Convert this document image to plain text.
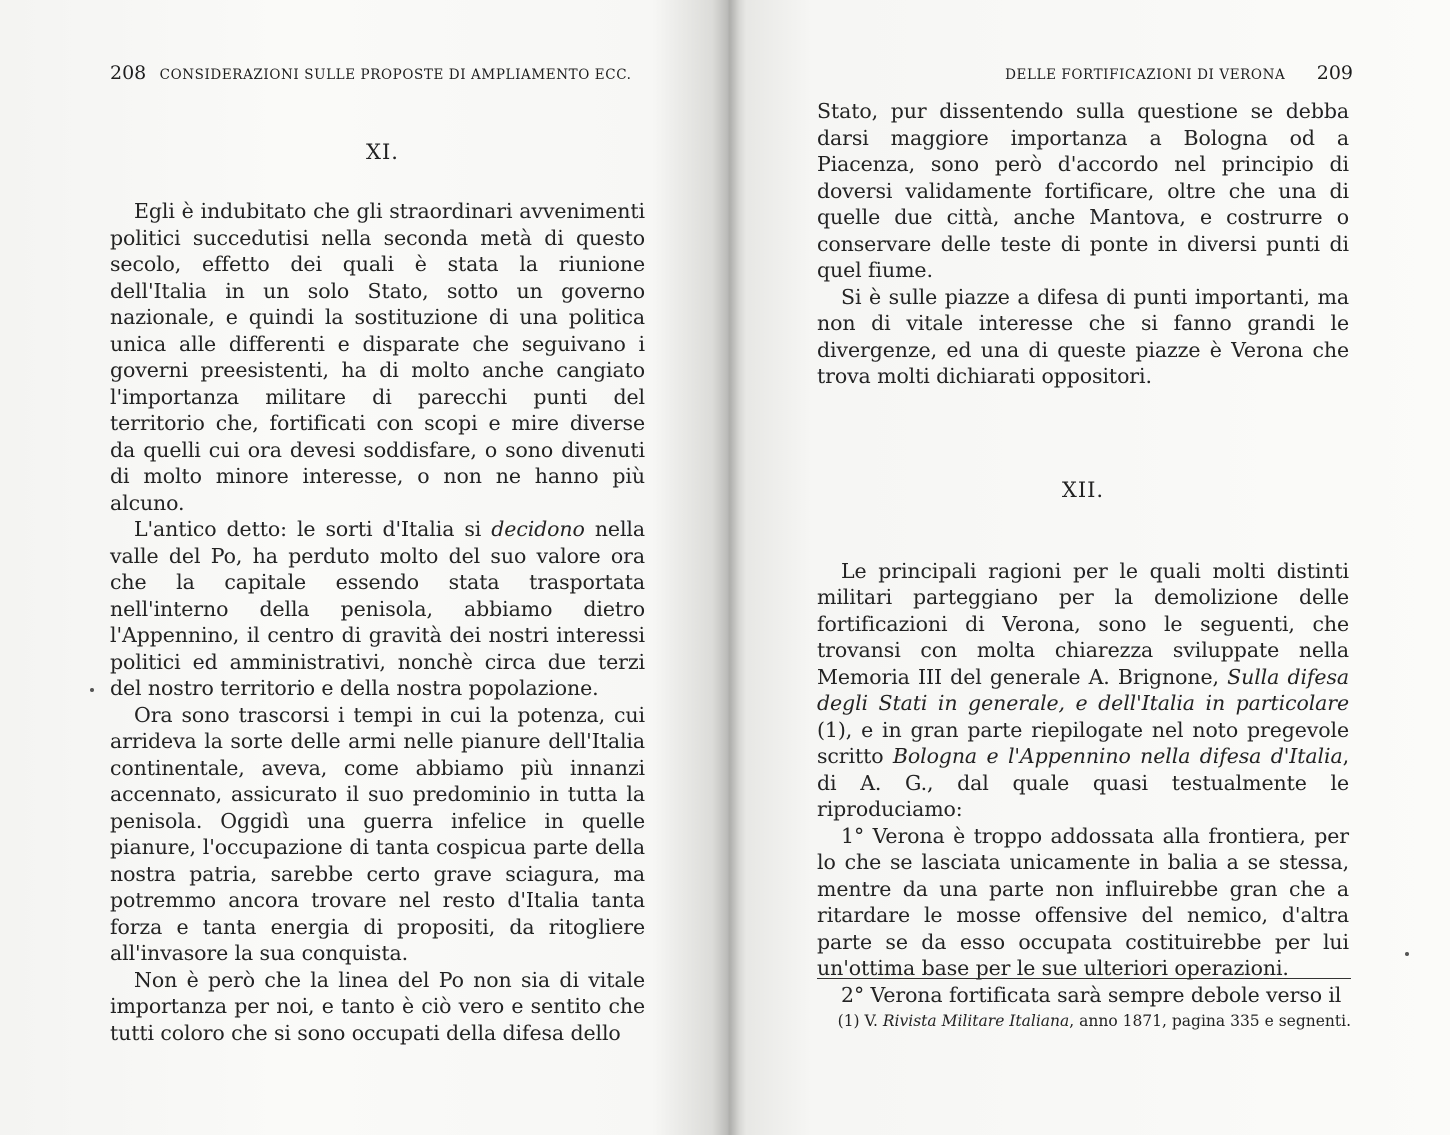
208 CONSIDERAZIONI SULLE PROPOSTE DI AMPLIAMENTO ECC.
XI.

Egli è indubitato che gli straordinari avvenimenti politici succedutisi nella seconda metà di questo secolo, effetto dei quali è stata la riunione dell'Italia in un solo Stato, sotto un governo nazionale, e quindi la sostituzione di una politica unica alle differenti e disparate che seguivano i governi preesistenti, ha di molto anche cangiato l'importanza militare di parecchi punti del territorio che, fortificati con scopi e mire diverse da quelli cui ora devesi soddisfare, o sono divenuti di molto minore interesse, o non ne hanno più alcuno.

L'antico detto: le sorti d'Italia si decidono nella valle del Po, ha perduto molto del suo valore ora che la capitale essendo stata trasportata nell'interno della penisola, abbiamo dietro l'Appennino, il centro di gravità dei nostri interessi politici ed amministrativi, nonchè circa due terzi del nostro territorio e della nostra popolazione.

Ora sono trascorsi i tempi in cui la potenza, cui arrideva la sorte delle armi nelle pianure dell'Italia continentale, aveva, come abbiamo più innanzi accennato, assicurato il suo predominio in tutta la penisola. Oggidì una guerra infelice in quelle pianure, l'occupazione di tanta cospicua parte della nostra patria, sarebbe certo grave sciagura, ma potremmo ancora trovare nel resto d'Italia tanta forza e tanta energia di propositi, da ritogliere all'invasore la sua conquista.

Non è però che la linea del Po non sia di vitale importanza per noi, e tanto è ciò vero e sentito che tutti coloro che si sono occupati della difesa dello

DELLE FORTIFICAZIONI DI VERONA 209

Stato, pur dissentendo sulla questione se debba darsi maggiore importanza a Bologna od a Piacenza, sono però d'accordo nel principio di doversi validamente fortificare, oltre che una di quelle due città, anche Mantova, e costrurre o conservare delle teste di ponte in diversi punti di quel fiume.

Si è sulle piazze a difesa di punti importanti, ma non di vitale interesse che si fanno grandi le divergenze, ed una di queste piazze è Verona che trova molti dichiarati oppositori.

XII.

Le principali ragioni per le quali molti distinti militari parteggiano per la demolizione delle fortificazioni di Verona, sono le seguenti, che trovansi con molta chiarezza sviluppate nella Memoria III del generale A. Brignone, Sulla difesa degli Stati in generale, e dell'Italia in particolare (1), e in gran parte riepilogate nel noto pregevole scritto Bologna e l'Appennino nella difesa d'Italia, di A. G., dal quale quasi testualmente le riproduciamo:

1° Verona è troppo addossata alla frontiera, per lo che se lasciata unicamente in balia a se stessa, mentre da una parte non influirebbe gran che a ritardare le mosse offensive del nemico, d'altra parte se da esso occupata costituirebbe per lui un'ottima base per le sue ulteriori operazioni.

2° Verona fortificata sarà sempre debole verso il

(1) V. Rivista Militare Italiana, anno 1871, pagina 335 e segnenti.
